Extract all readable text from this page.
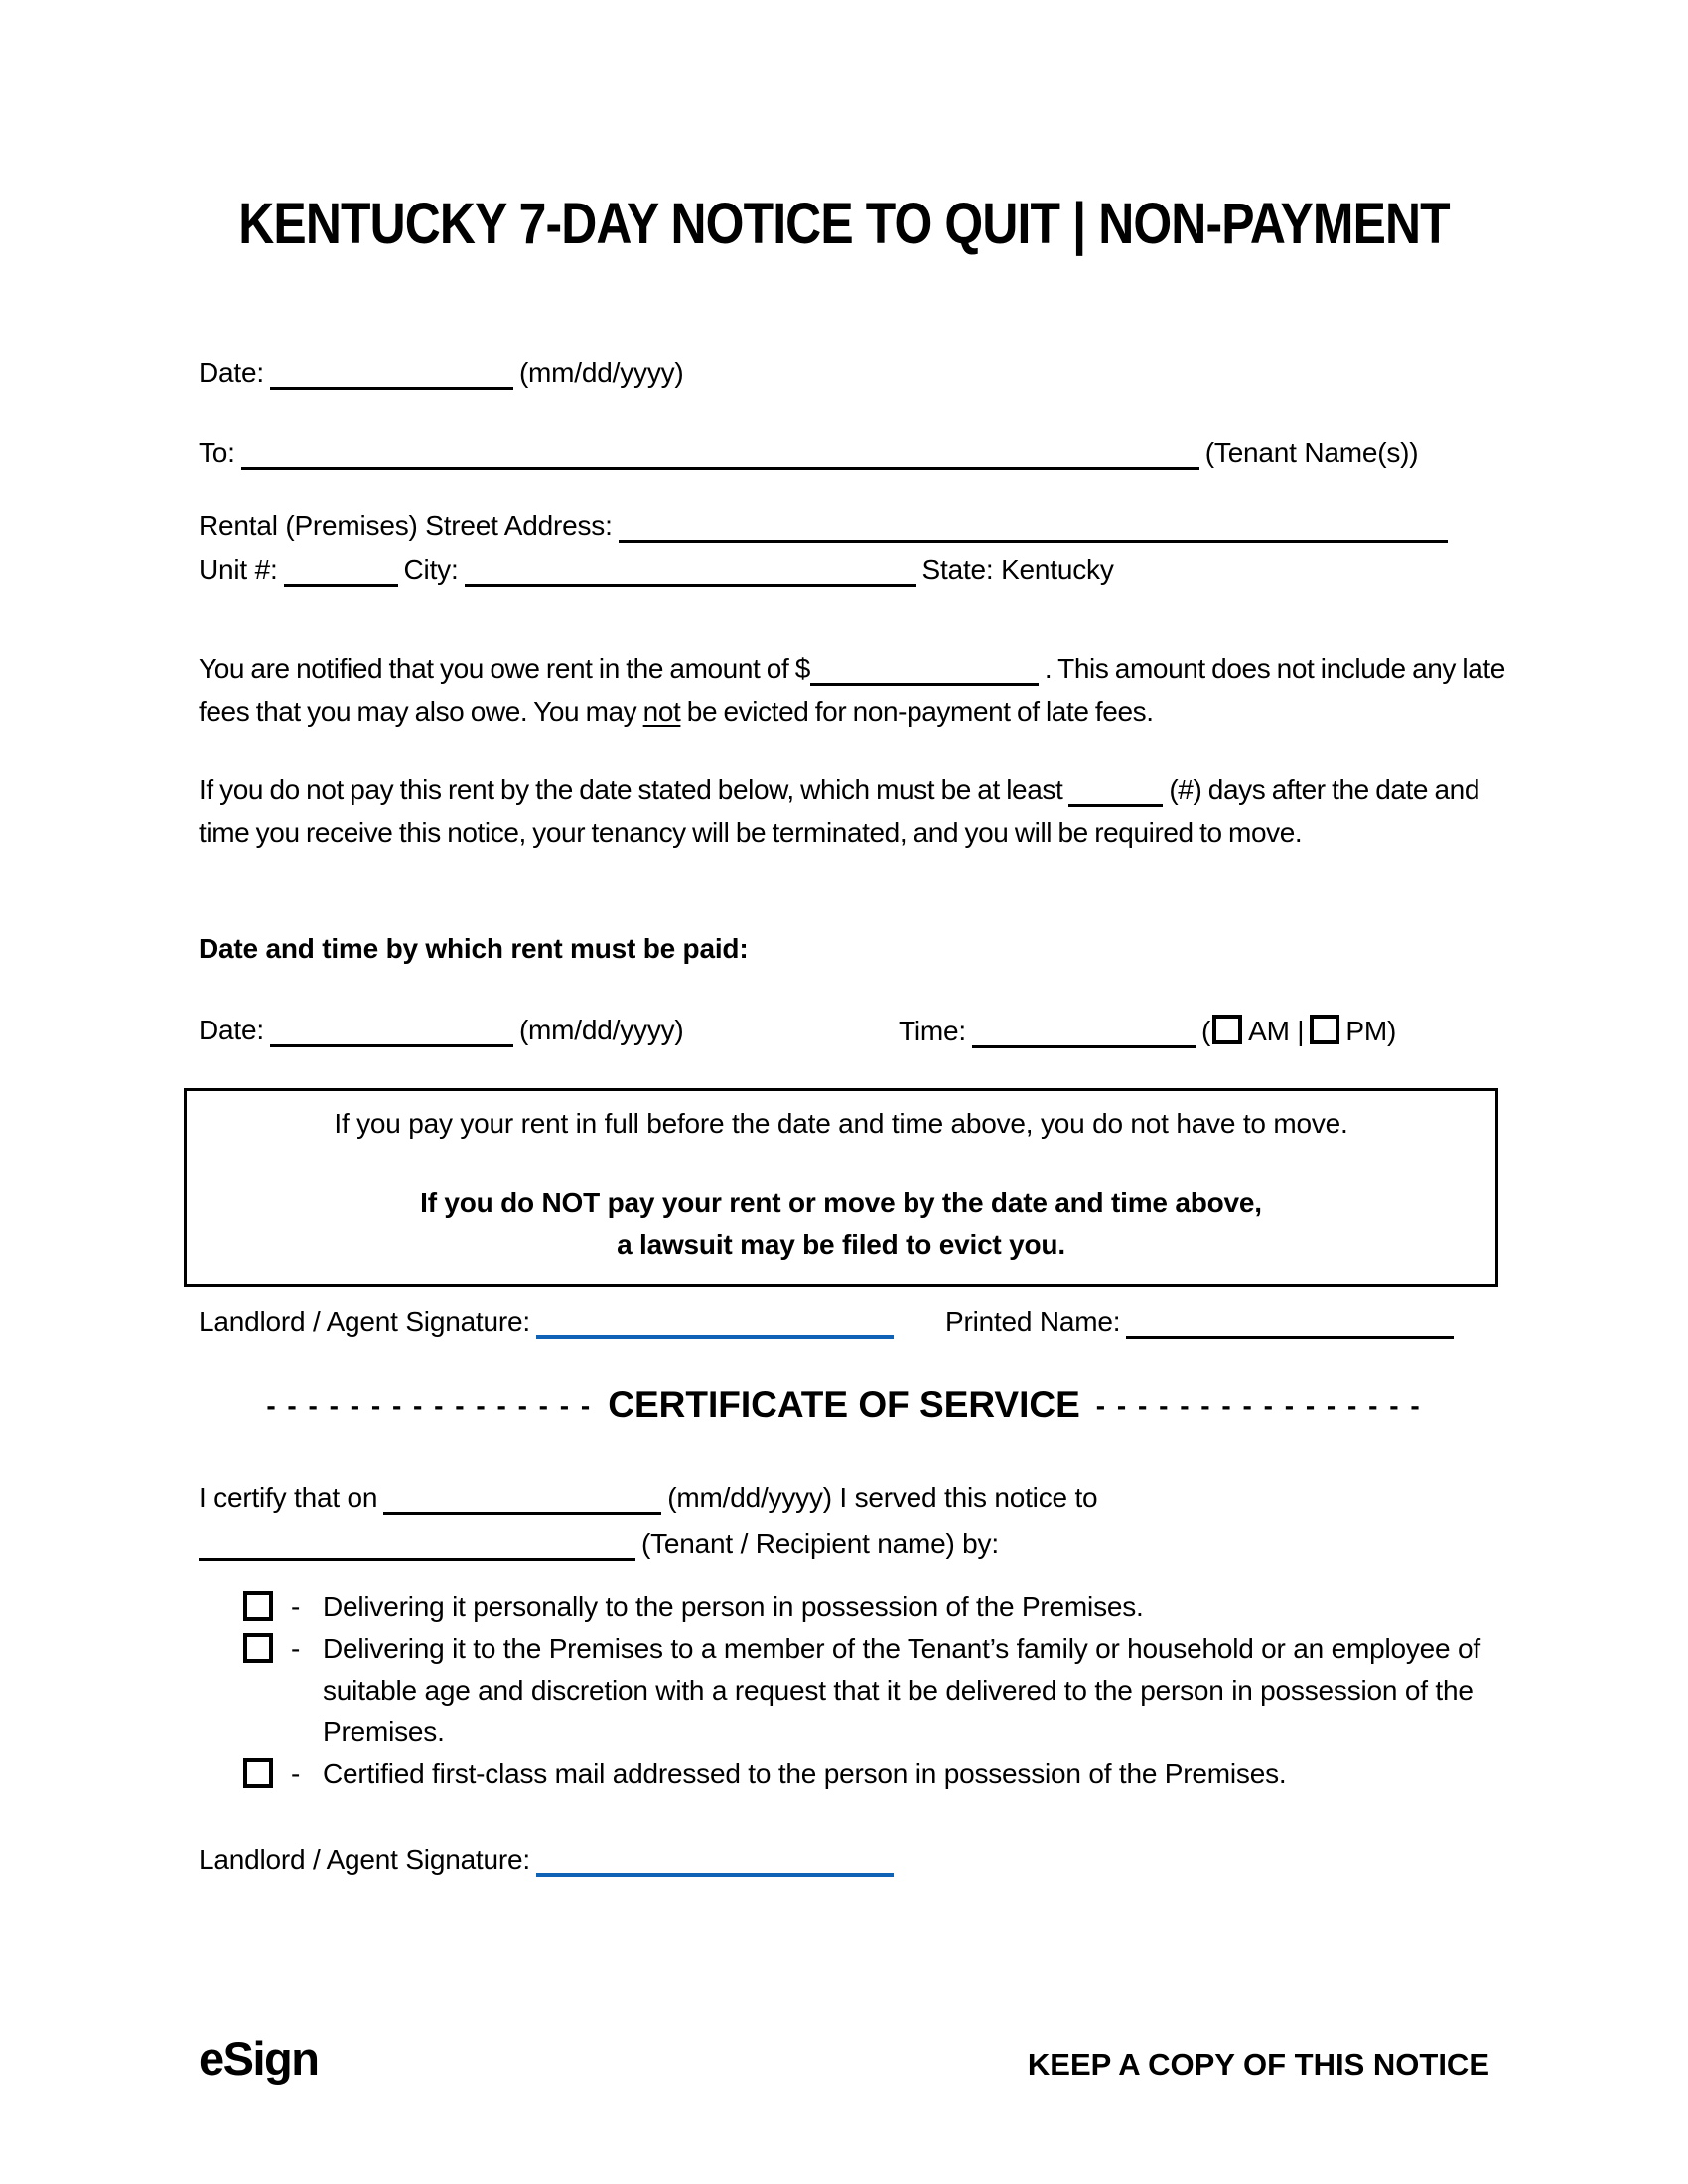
KENTUCKY 7-DAY NOTICE TO QUIT | NON-PAYMENT
Date:	(mm/dd/yyyy)
To:	(Tenant Name(s))
Rental (Premises) Street Address:
Unit #:	City:	State: Kentucky
You are notified that you owe rent in the amount of $	. This amount does not include any late fees that you may also owe. You may not be evicted for non-payment of late fees.
If you do not pay this rent by the date stated below, which must be at least	(#) days after the date and time you receive this notice, your tenancy will be terminated, and you will be required to move.
Date and time by which rent must be paid:
Date:	(mm/dd/yyyy)	Time:	( AM | PM)
If you pay your rent in full before the date and time above, you do not have to move.
If you do NOT pay your rent or move by the date and time above,
a lawsuit may be filed to evict you.
Landlord / Agent Signature:	Printed Name:
- - - - - - - - - - - - - - - - CERTIFICATE OF SERVICE - - - - - - - - - - - - - - - -
I certify that on	(mm/dd/yyyy) I served this notice to
(Tenant / Recipient name) by:
- Delivering it personally to the person in possession of the Premises.
- Delivering it to the Premises to a member of the Tenant’s family or household or an employee of suitable age and discretion with a request that it be delivered to the person in possession of the Premises.
- Certified first-class mail addressed to the person in possession of the Premises.
Landlord / Agent Signature:
eSign	KEEP A COPY OF THIS NOTICE
